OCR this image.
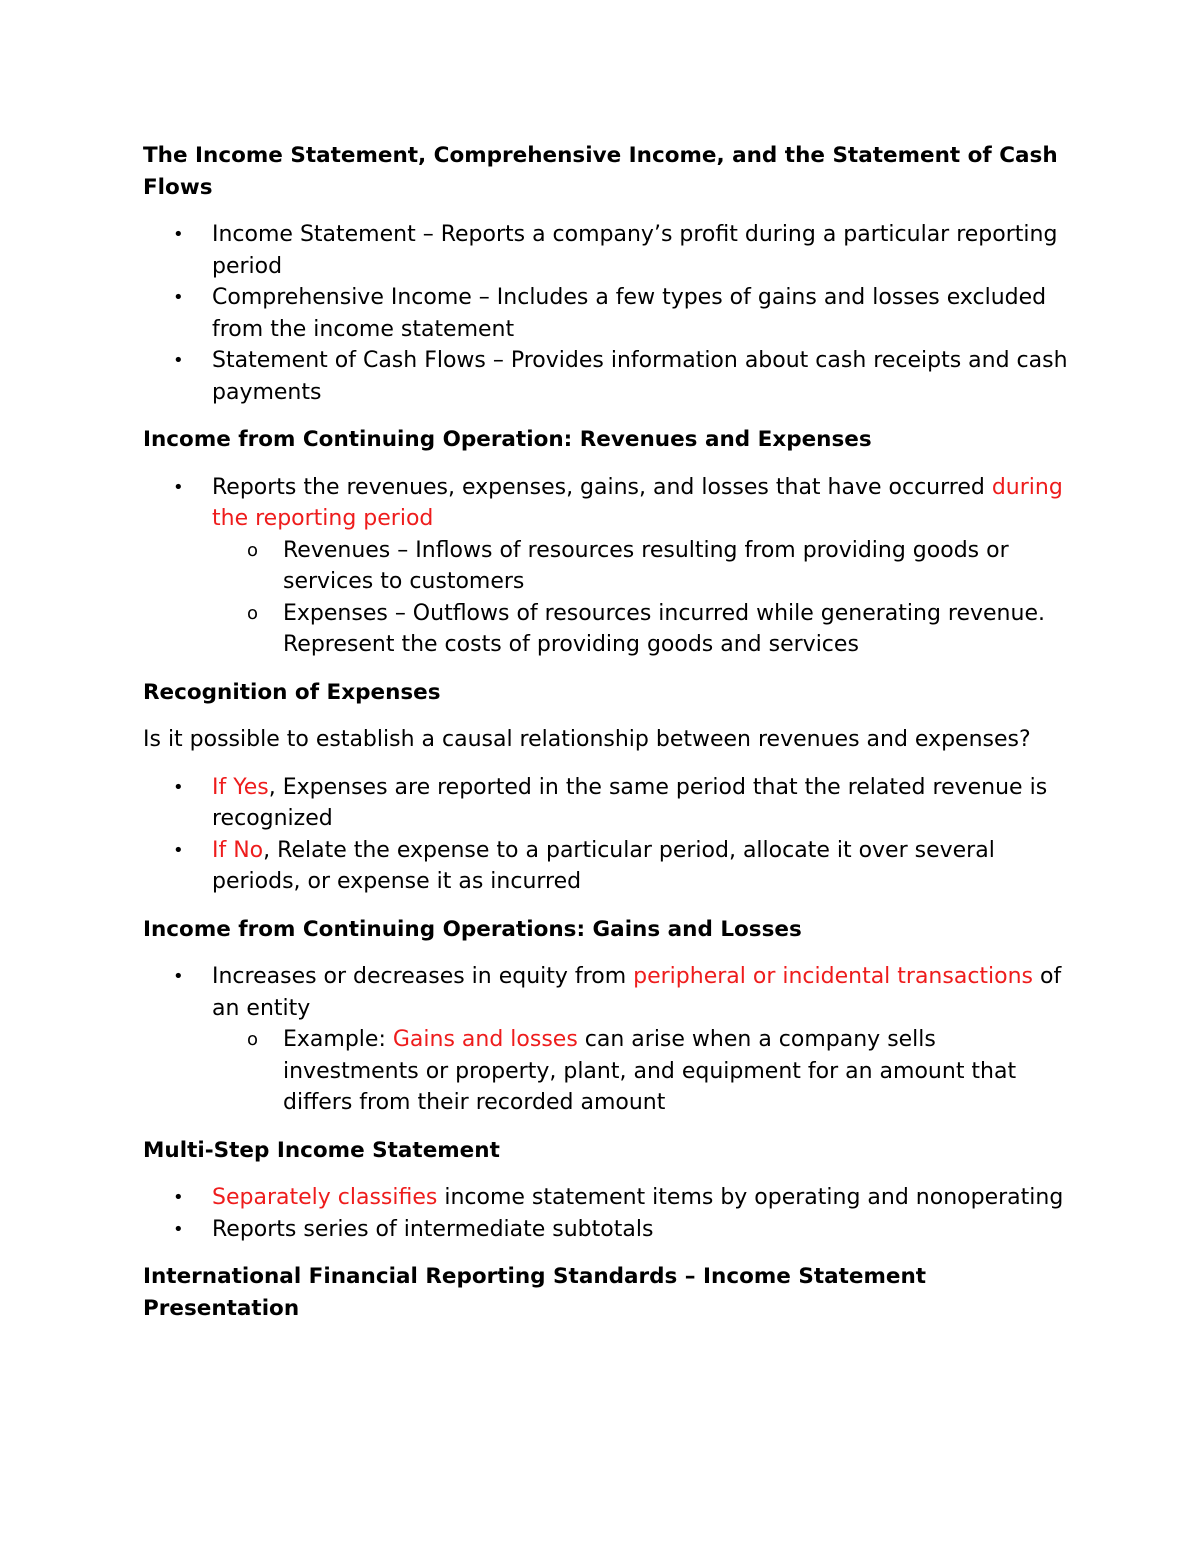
The Income Statement, Comprehensive Income, and the Statement of Cash Flows
• Income Statement – Reports a company’s profit during a particular reporting period
• Comprehensive Income – Includes a few types of gains and losses excluded from the income statement
• Statement of Cash Flows – Provides information about cash receipts and cash payments
Income from Continuing Operation: Revenues and Expenses
• Reports the revenues, expenses, gains, and losses that have occurred during the reporting period
o Revenues – Inflows of resources resulting from providing goods or services to customers
o Expenses – Outflows of resources incurred while generating revenue. Represent the costs of providing goods and services
Recognition of Expenses

Is it possible to establish a causal relationship between revenues and expenses?

• If Yes, Expenses are reported in the same period that the related revenue is recognized
• If No, Relate the expense to a particular period, allocate it over several periods, or expense it as incurred
Income from Continuing Operations: Gains and Losses
• Increases or decreases in equity from peripheral or incidental transactions of an entity
o Example: Gains and losses can arise when a company sells investments or property, plant, and equipment for an amount that differs from their recorded amount
Multi-Step Income Statement
• Separately classifies income statement items by operating and nonoperating
• Reports series of intermediate subtotals
International Financial Reporting Standards – Income Statement Presentation
